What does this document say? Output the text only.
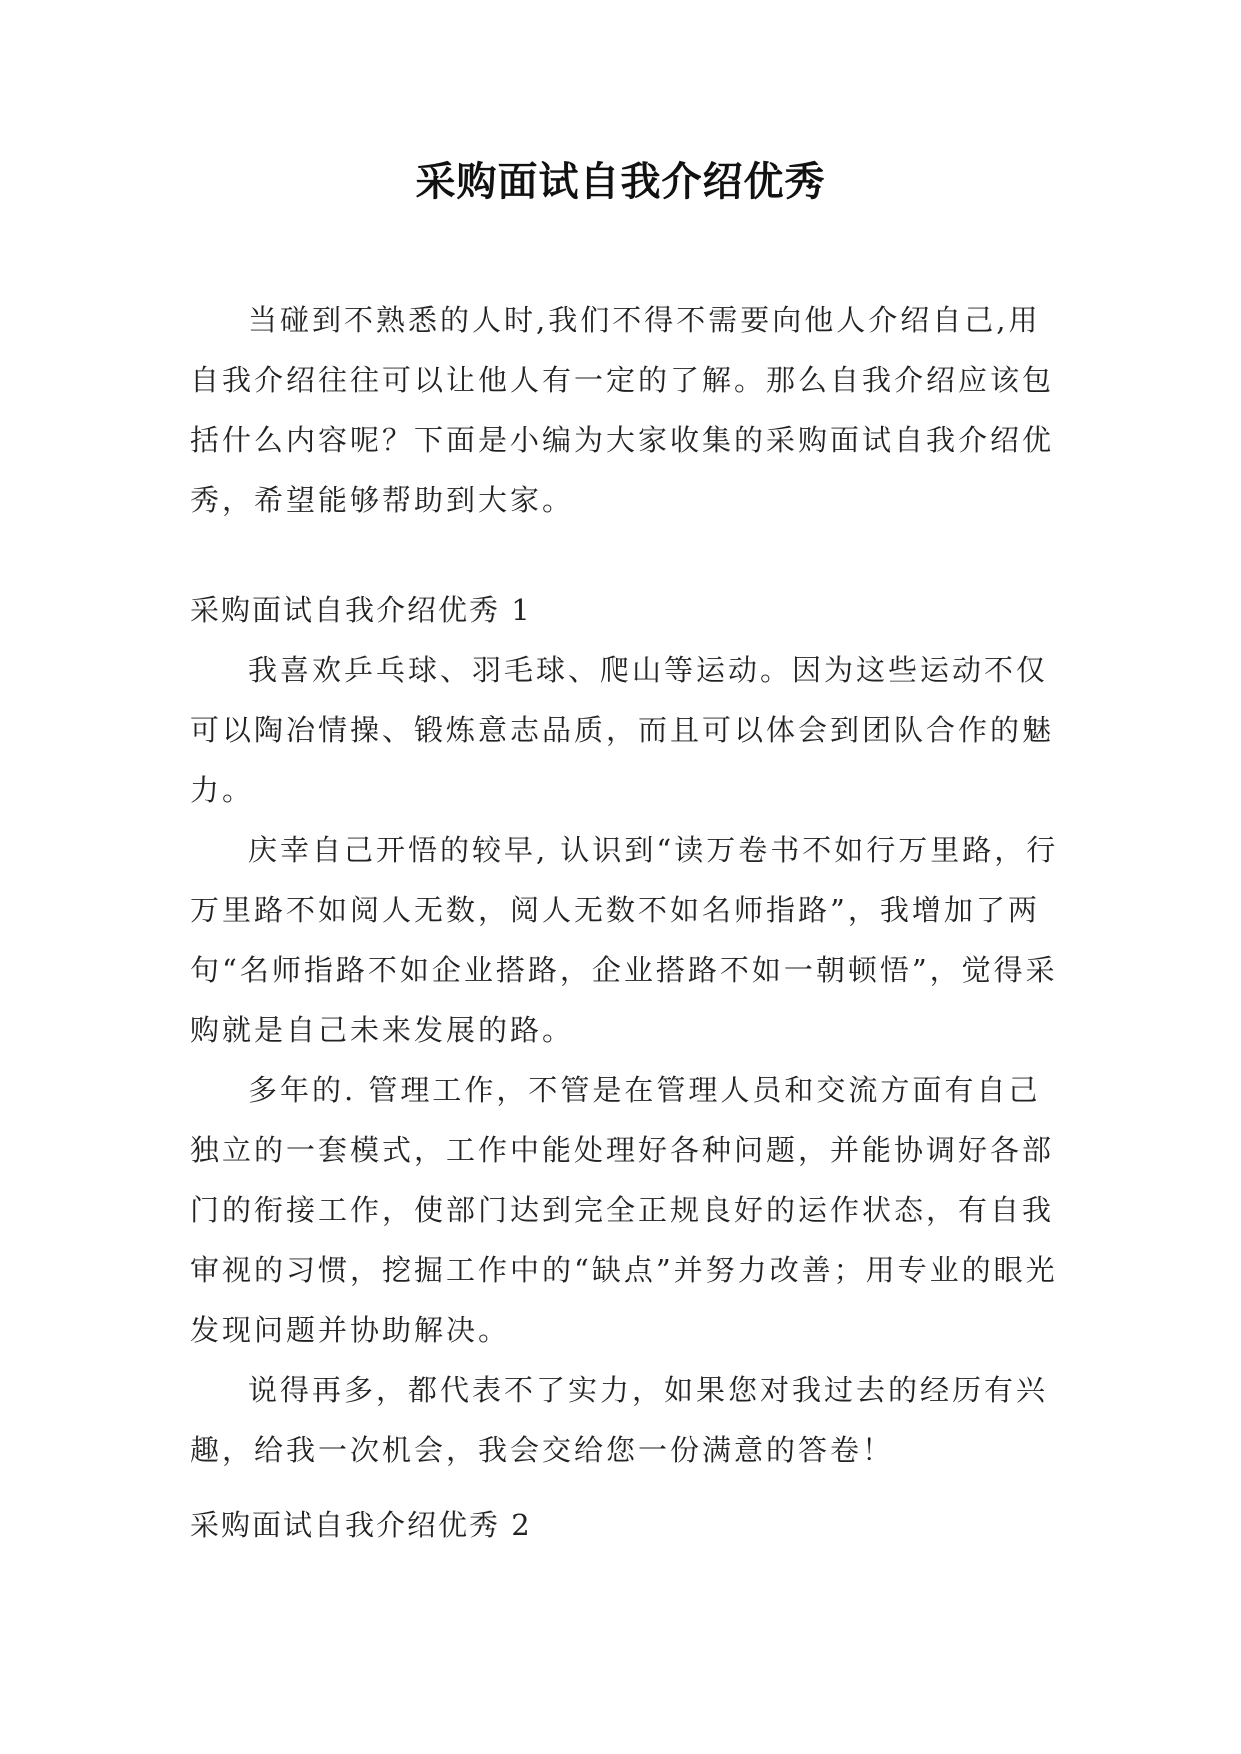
采购面试自我介绍优秀

当碰到不熟悉的人时,我们不得不需要向他人介绍自己,用自我介绍往往可以让他人有一定的了解。那么自我介绍应该包括什么内容呢？下面是小编为大家收集的采购面试自我介绍优秀，希望能够帮助到大家。

采购面试自我介绍优秀 1

我喜欢乒乓球、羽毛球、爬山等运动。因为这些运动不仅可以陶冶情操、锻炼意志品质，而且可以体会到团队合作的魅力。

庆幸自己开悟的较早, 认识到“读万卷书不如行万里路，行万里路不如阅人无数，阅人无数不如名师指路”，我增加了两句“名师指路不如企业搭路，企业搭路不如一朝顿悟”，觉得采购就是自己未来发展的路。

多年的. 管理工作，不管是在管理人员和交流方面有自己独立的一套模式，工作中能处理好各种问题，并能协调好各部门的衔接工作，使部门达到完全正规良好的运作状态，有自我审视的习惯，挖掘工作中的“缺点”并努力改善；用专业的眼光发现问题并协助解决。

说得再多，都代表不了实力，如果您对我过去的经历有兴趣，给我一次机会，我会交给您一份满意的答卷！

采购面试自我介绍优秀 2
